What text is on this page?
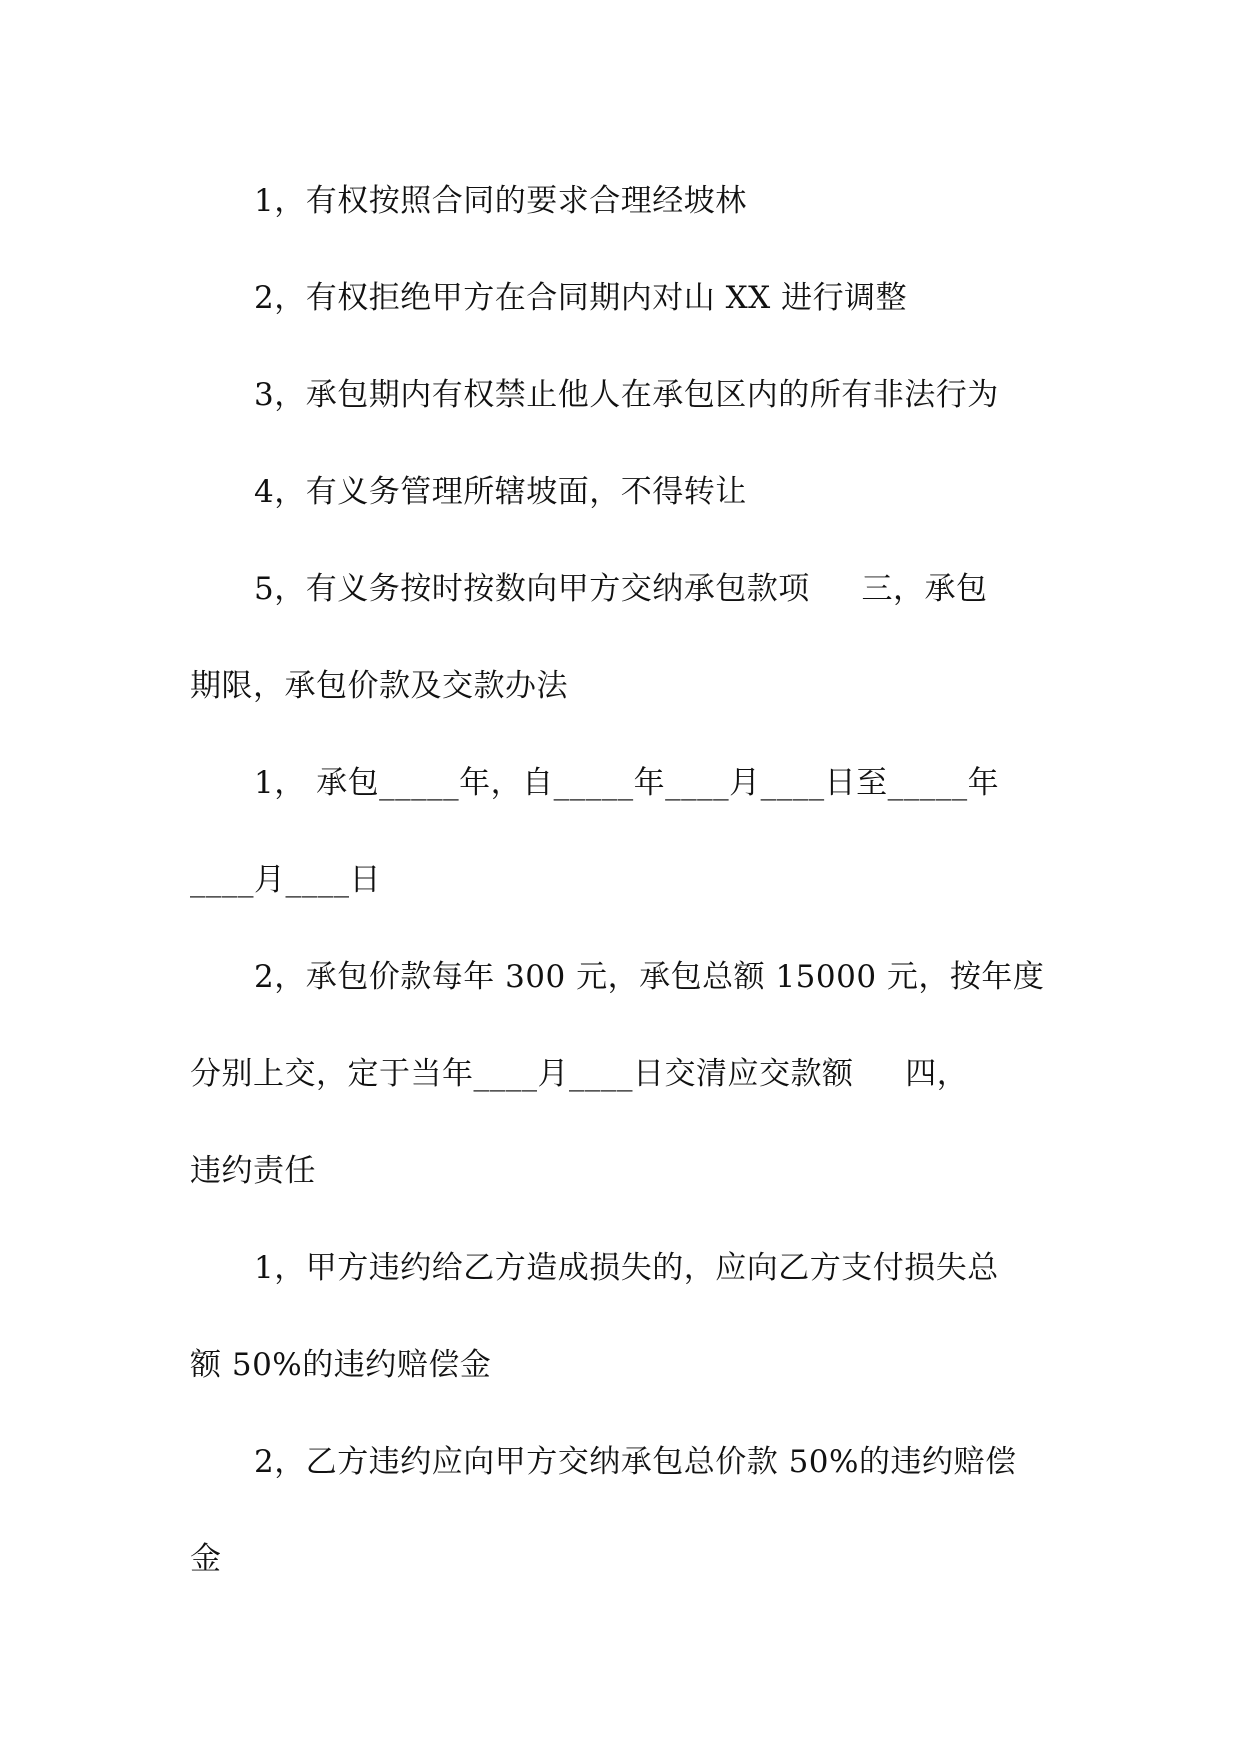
1，有权按照合同的要求合理经坡林
2，有权拒绝甲方在合同期内对山 XX 进行调整
3，承包期内有权禁止他人在承包区内的所有非法行为
4，有义务管理所辖坡面，不得转让
5，有义务按时按数向甲方交纳承包款项     三，承包
期限，承包价款及交款办法
1， 承包_____年，自_____年____月____日至_____年
____月____日
2，承包价款每年 300 元，承包总额 15000 元，按年度
分别上交，定于当年____月____日交清应交款额     四，
违约责任
1，甲方违约给乙方造成损失的，应向乙方支付损失总
额 50%的违约赔偿金
2，乙方违约应向甲方交纳承包总价款 50%的违约赔偿
金
